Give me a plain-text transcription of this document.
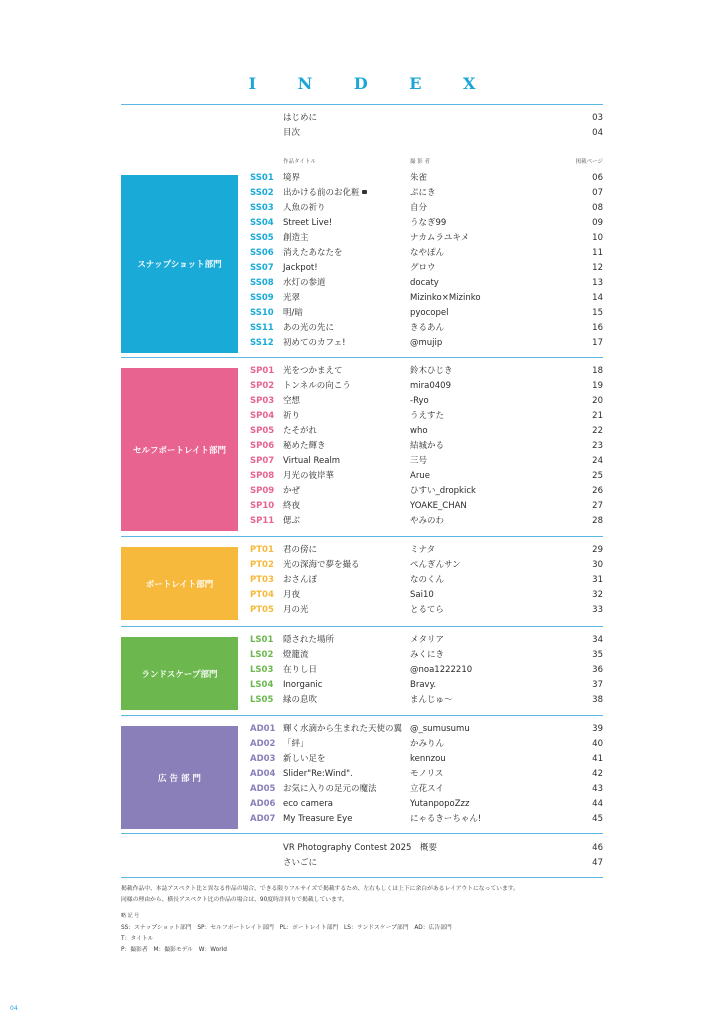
I N D E X
はじめに	03
目次	04
作品タイトル	撮 影 者	掲載ページ
スナップショット部門
SS01 境界	朱雀	06
SS02 出かける前のお化粧	ぷにき	07
SS03 人魚の祈り	自分	08
SS04 Street Live!	うなぎ99	09
SS05 創造主	ナカムラユキメ	10
SS06 消えたあなたを	なやぽん	11
SS07 Jackpot!	グロウ	12
SS08 水灯の参道	docaty	13
SS09 光翠	Mizinko×Mizinko	14
SS10 明/暗	pyocopel	15
SS11 あの光の先に	きるあん	16
SS12 初めてのカフェ!	@mujip	17
セルフポートレイト部門
SP01 光をつかまえて	鈴木ひじき	18
SP02 トンネルの向こう	mira0409	19
SP03 空想	-Ryo	20
SP04 祈り	うえすた	21
SP05 たそがれ	who	22
SP06 秘めた輝き	結城かる	23
SP07 Virtual Realm	三号	24
SP08 月光の彼岸華	Arue	25
SP09 かぜ	ひすい_dropkick	26
SP10 終夜	YOAKE_CHAN	27
SP11 偲ぶ	やみのわ	28
ポートレイト部門
PT01 君の傍に	ミナタ	29
PT02 光の深海で夢を撮る	ぺんぎんサン	30
PT03 おさんぽ	なのくん	31
PT04 月夜	Sai10	32
PT05 月の光	とるてら	33
ランドスケープ部門
LS01 隠された場所	メタリア	34
LS02 燈籠流	みくにき	35
LS03 在りし日	@noa1222210	36
LS04 Inorganic	Bravy.	37
LS05 緑の息吹	まんじゅ〜	38
広 告 部 門
AD01 輝く水滴から生まれた天使の翼 @_sumusumu	39
AD02 「絆」	かみりん	40
AD03 新しい足を	kennzou	41
AD04 Slider"Re:Wind".	モノリス	42
AD05 お気に入りの足元の魔法	立花スイ	43
AD06 eco camera	YutanpopoZzz	44
AD07 My Treasure Eye	にゃるきーちゃん!	45
VR Photography Contest 2025　概要	46
さいごに	47
掲載作品中、本誌アスペクト比と異なる作品の場合、できる限りフルサイズで掲載するため、左右もしくは上下に余白があるレイアウトになっています。
同様の理由から、横長アスペクト比の作品の場合は、90度時計回りで掲載しています。
略 記 号
SS：スナップショット部門　SP：セルフポートレイト部門　PL：ポートレイト部門　LS：ランドスケープ部門　AD：広告部門
T：タイトル
P：撮影者　M：撮影モデル　W：World
04
